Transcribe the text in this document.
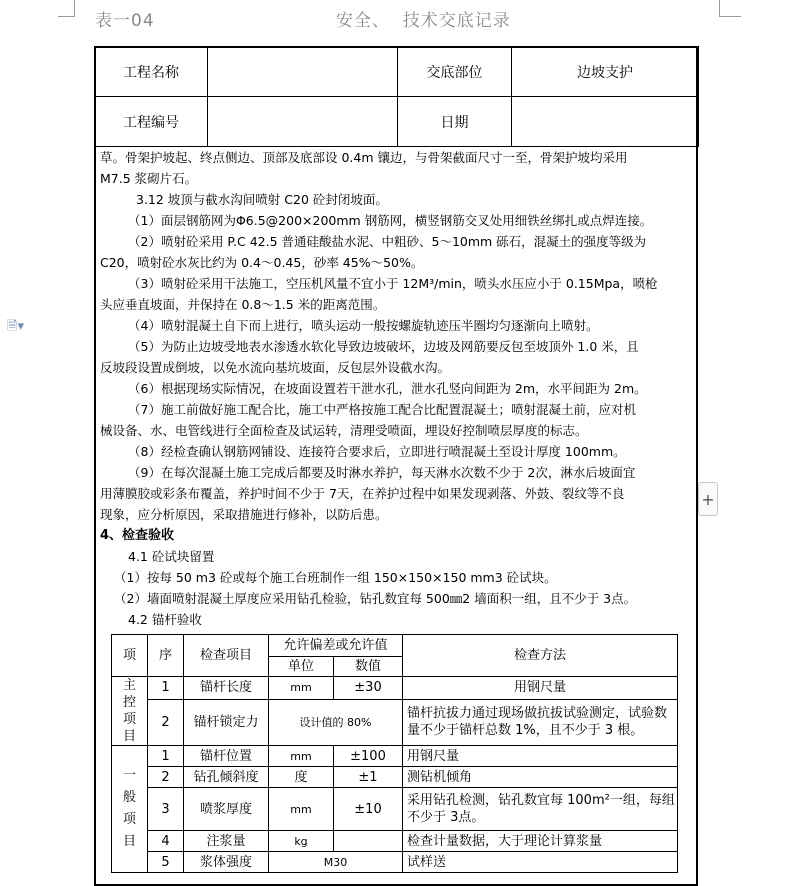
表一04	安全、  技术交底记录
🗎▾
+
工程名称		交底部位	边坡支护
工程编号		日期	

草。骨架护坡起、终点侧边、顶部及底部设 0.4m 镶边，与骨架截面尺寸一至，骨架护坡均采用

M7.5 浆砌片石。

3.12 坡顶与截水沟间喷射 C20 砼封闭坡面。

（1）面层钢筋网为Φ6.5@200×200mm 钢筋网，横竖钢筋交叉处用细铁丝绑扎或点焊连接。

（2）喷射砼采用 P.C 42.5 普通硅酸盐水泥、中粗砂、5～10mm 砾石，混凝土的强度等级为

C20，喷射砼水灰比约为 0.4～0.45，砂率 45%～50%。

（3）喷射砼采用干法施工，空压机风量不宜小于 12M³/min，喷头水压应小于 0.15Mpa，喷枪

头应垂直坡面，并保持在 0.8～1.5 米的距离范围。

（4）喷射混凝土自下而上进行，喷头运动一般按螺旋轨迹压半圈均匀逐渐向上喷射。

（5）为防止边坡受地表水渗透水软化导致边坡破坏，边坡及网筋要反包至坡顶外 1.0 米，且

反坡段设置成倒坡，以免水流向基坑坡面，反包层外设截水沟。

（6）根据现场实际情况，在坡面设置若干泄水孔，泄水孔竖向间距为 2m，水平间距为 2m。

（7）施工前做好施工配合比，施工中严格按施工配合比配置混凝土；喷射混凝土前，应对机

械设备、水、电管线进行全面检查及试运转，清理受喷面，埋设好控制喷层厚度的标志。

（8）经检查确认钢筋网铺设、连接符合要求后，立即进行喷混凝土至设计厚度 100mm。

（9）在每次混凝土施工完成后都要及时淋水养护，每天淋水次数不少于 2次，淋水后坡面宜

用薄膜胶或彩条布覆盖，养护时间不少于 7天，在养护过程中如果发现剥落、外鼓、裂纹等不良

现象，应分析原因，采取措施进行修补，以防后患。

4、检查验收

4.1 砼试块留置

（1）按每 50 m3 砼或每个施工台班制作一组 150×150×150 mm3 砼试块。

（2）墙面喷射混凝土厚度应采用钻孔检验，钻孔数宜每 500㎜2 墙面积一组，且不少于 3点。

4.2 锚杆验收

项	序	检查项目	允许偏差或允许值		检查方法
			单位	数值	
主控项目	1	锚杆长度	mm	±30	用钢尺量
	2	锚杆锁定力	设计值的 80%		锚杆抗拔力通过现场做抗拔试验测定，试验数量不少于锚杆总数 1%，且不少于 3 根。
一般项目	1	锚杆位置	mm	±100	用钢尺量
	2	钻孔倾斜度	度	±1	测钻机倾角
	3	喷浆厚度	mm	±10	采用钻孔检测，钻孔数宜每 100m²一组，每组不少于 3点。
	4	注浆量	kg		检查计量数据，大于理论计算浆量
	5	浆体强度	M30		试样送
